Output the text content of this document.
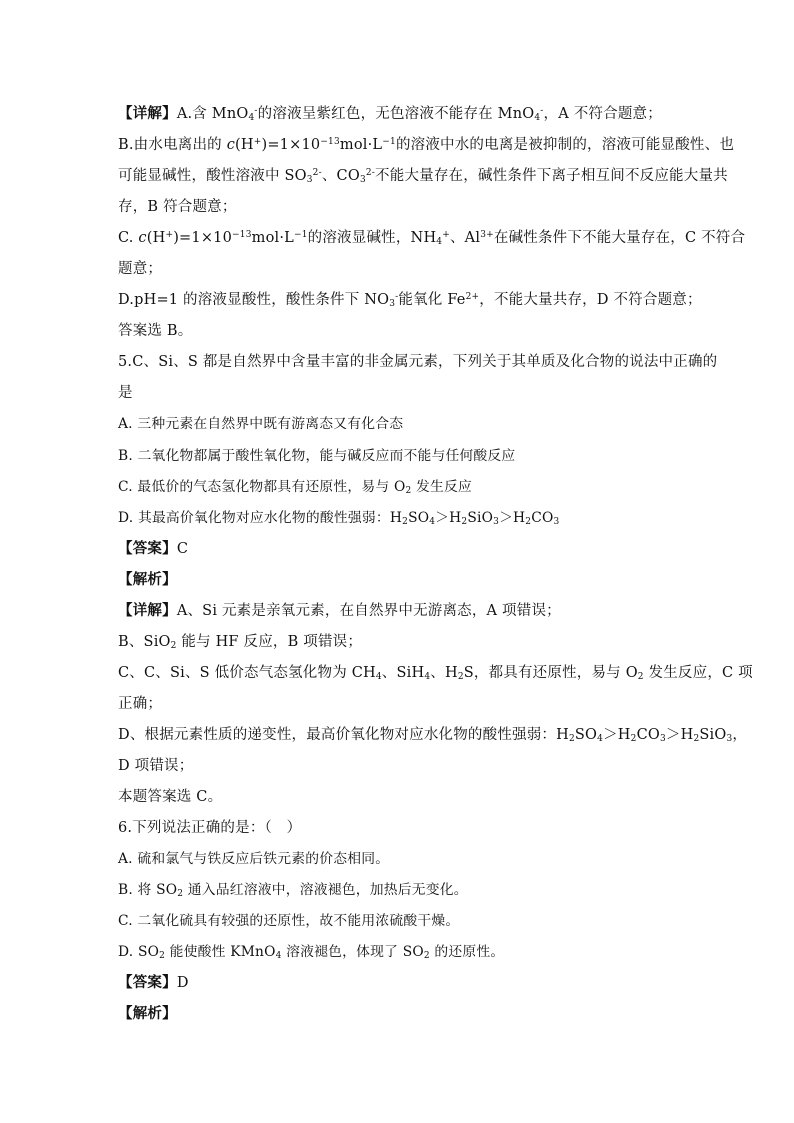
【详解】A.含 MnO$_4$-的溶液呈紫红色，无色溶液不能存在 MnO$_4$-，A 不符合题意；
B.由水电离出的 $c(H^+)=1\times 10^{-13}mol\cdot L^{-1}$的溶液中水的电离是被抑制的，溶液可能显酸性、也
可能显碱性，酸性溶液中 $SO_3^{2-}$、$CO_3^{2-}$不能大量存在，碱性条件下离子相互间不反应能大量共
存，B 符合题意；
C. $c(H^+)=1\times 10^{-13}mol\cdot L^{-1}$的溶液显碱性，$NH_4^+$、$Al^{3+}$在碱性条件下不能大量存在，C 不符合
题意；
D.pH=1 的溶液显酸性，酸性条件下 $NO_3^-$能氧化 $Fe^{2+}$，不能大量共存，D 不符合题意；
答案选 B。
5.C、Si、S 都是自然界中含量丰富的非金属元素，下列关于其单质及化合物的说法中正确的
是
A. 三种元素在自然界中既有游离态又有化合态
B. 二氧化物都属于酸性氧化物，能与碱反应而不能与任何酸反应
C. 最低价的气态氢化物都具有还原性，易与 $O_2$ 发生反应
D. 其最高价氧化物对应水化物的酸性强弱：$H_2SO_4>H_2SiO_3>H_2CO_3$
【答案】C
【解析】
【详解】A、Si 元素是亲氧元素，在自然界中无游离态，A 项错误；
B、SiO$_2$ 能与 HF 反应，B 项错误；
C、C、Si、S 低价态气态氢化物为 $CH_4$、SiH$_4$、$H_2S$，都具有还原性，易与 $O_2$ 发生反应，C 项
正确；
D、根据元素性质的递变性，最高价氧化物对应水化物的酸性强弱：$H_2SO_4>H_2CO_3>H_2SiO_3$，
D 项错误；
本题答案选 C。
6.下列说法正确的是：（　）
A. 硫和氯气与铁反应后铁元素的价态相同。
B. 将 $SO_2$ 通入品红溶液中，溶液褪色，加热后无变化。
C. 二氧化硫具有较强的还原性，故不能用浓硫酸干燥。
D. $SO_2$ 能使酸性 KMnO$_4$ 溶液褪色，体现了 $SO_2$ 的还原性。
【答案】D
【解析】
